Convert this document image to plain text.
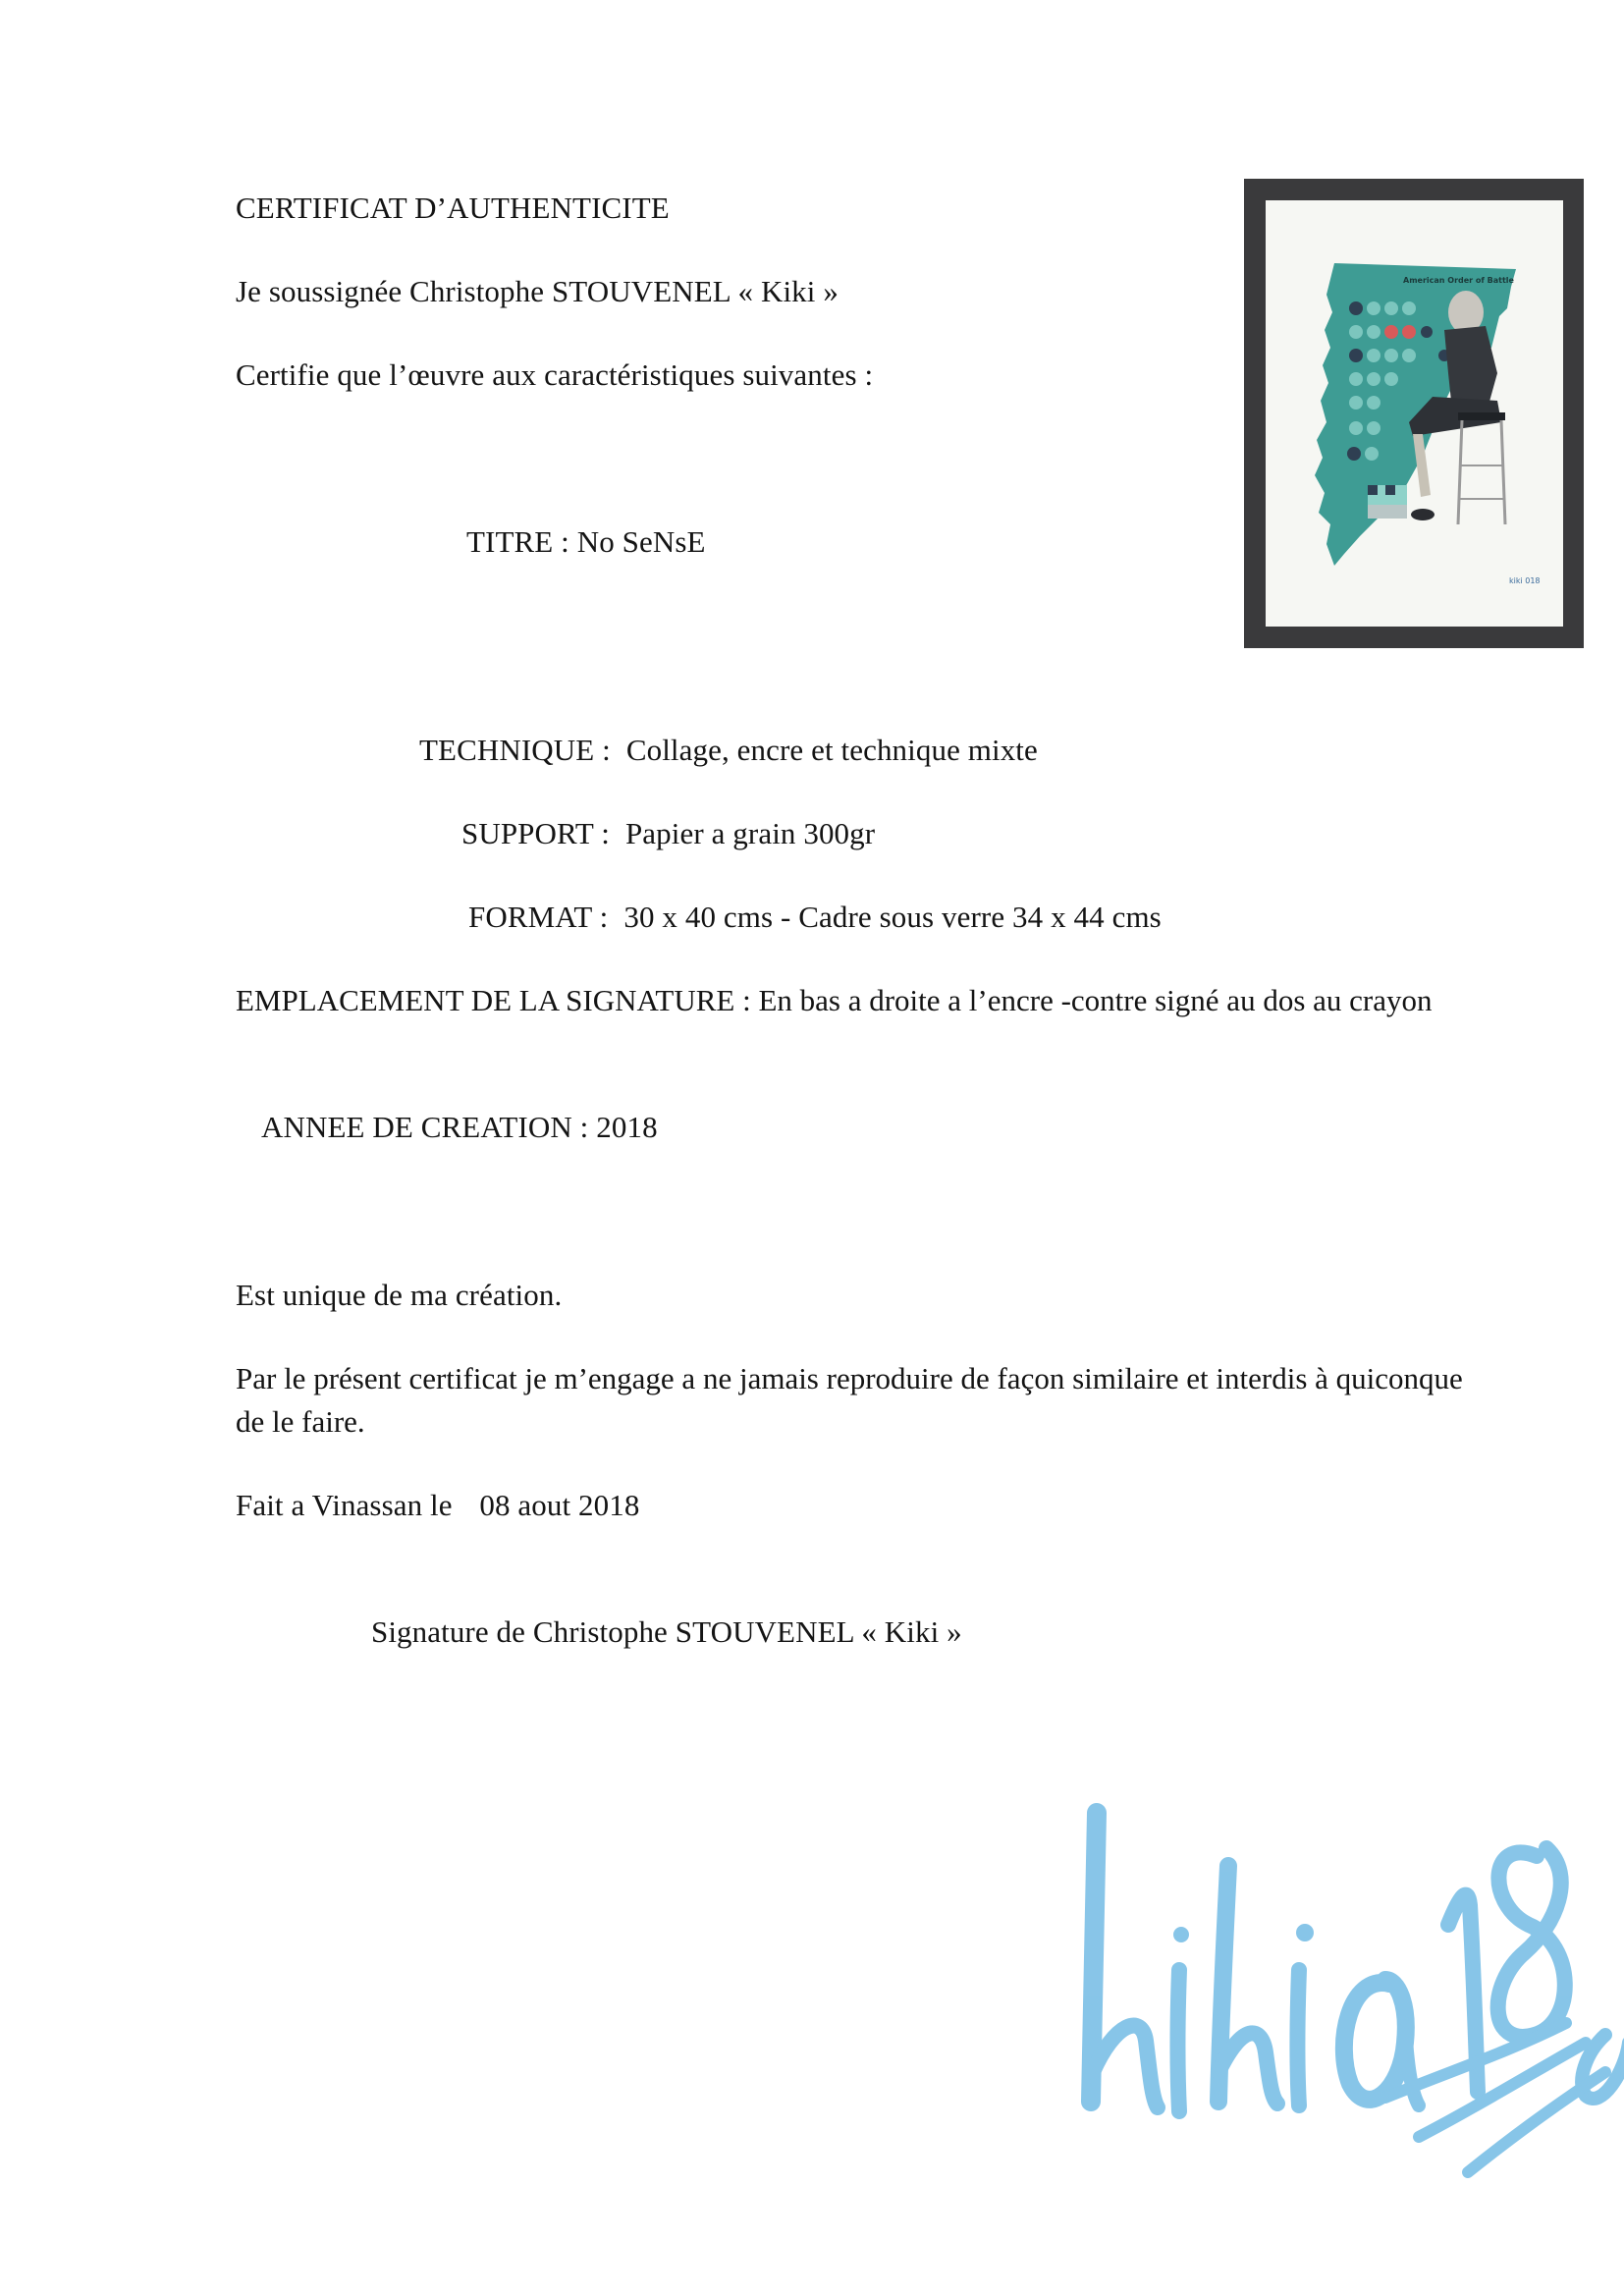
CERTIFICAT D’AUTHENTICITE
Je soussignée Christophe STOUVENEL « Kiki »
Certifie que l’œuvre aux caractéristiques suivantes :
TITRE : No SeNsE
American Order of Battle
kiki 018
TECHNIQUE : Collage, encre et technique mixte
SUPPORT : Papier a grain 300gr
FORMAT : 30 x 40 cms - Cadre sous verre 34 x 44 cms
EMPLACEMENT DE LA SIGNATURE : En bas a droite a l’encre -contre signé au dos au crayon
ANNEE DE CREATION : 2018
Est unique de ma création.
Par le présent certificat je m’engage a ne jamais reproduire de façon similaire et interdis à quiconque de le faire.
Fait a Vinassan le 08 aout 2018
Signature de Christophe STOUVENEL « Kiki »
